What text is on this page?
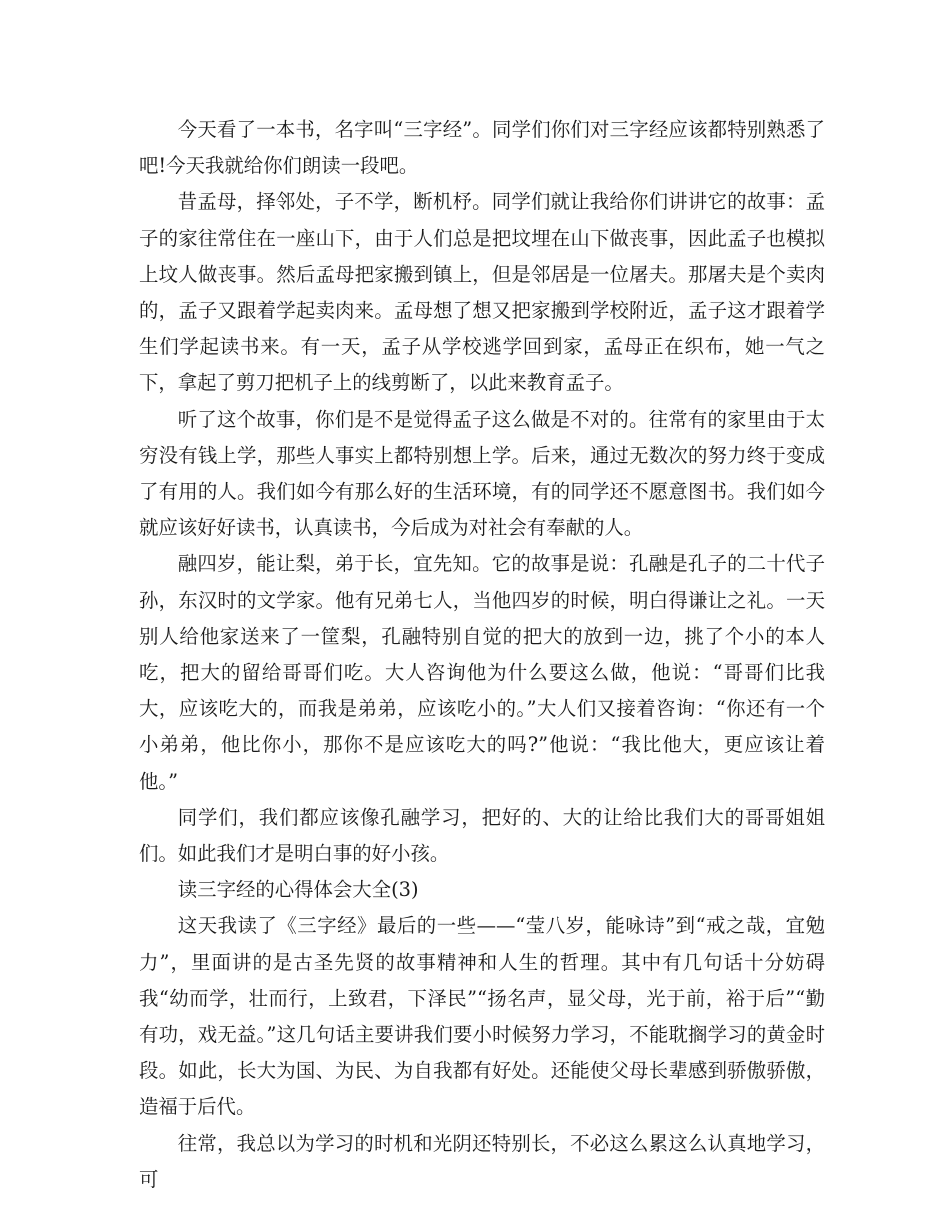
今天看了一本书，名字叫“三字经”。同学们你们对三字经应该都特别熟悉了吧!今天我就给你们朗读一段吧。

昔孟母，择邻处，子不学，断机杼。同学们就让我给你们讲讲它的故事：孟子的家往常住在一座山下，由于人们总是把坟埋在山下做丧事，因此孟子也模拟上坟人做丧事。然后孟母把家搬到镇上，但是邻居是一位屠夫。那屠夫是个卖肉的，孟子又跟着学起卖肉来。孟母想了想又把家搬到学校附近，孟子这才跟着学生们学起读书来。有一天，孟子从学校逃学回到家，孟母正在织布，她一气之下，拿起了剪刀把机子上的线剪断了，以此来教育孟子。

听了这个故事，你们是不是觉得孟子这么做是不对的。往常有的家里由于太穷没有钱上学，那些人事实上都特别想上学。后来，通过无数次的努力终于变成了有用的人。我们如今有那么好的生活环境，有的同学还不愿意图书。我们如今就应该好好读书，认真读书，今后成为对社会有奉献的人。

融四岁，能让梨，弟于长，宜先知。它的故事是说：孔融是孔子的二十代子孙，东汉时的文学家。他有兄弟七人，当他四岁的时候，明白得谦让之礼。一天别人给他家送来了一筐梨，孔融特别自觉的把大的放到一边，挑了个小的本人吃，把大的留给哥哥们吃。大人咨询他为什么要这么做，他说：“哥哥们比我大，应该吃大的，而我是弟弟，应该吃小的。”大人们又接着咨询：“你还有一个小弟弟，他比你小，那你不是应该吃大的吗?”他说：“我比他大，更应该让着他。”

同学们，我们都应该像孔融学习，把好的、大的让给比我们大的哥哥姐姐们。如此我们才是明白事的好小孩。

读三字经的心得体会大全(3)

这天我读了《三字经》最后的一些——“莹八岁，能咏诗”到“戒之哉，宜勉力”，里面讲的是古圣先贤的故事精神和人生的哲理。其中有几句话十分妨碍我“幼而学，壮而行，上致君，下泽民”“扬名声，显父母，光于前，裕于后”“勤有功，戏无益。”这几句话主要讲我们要小时候努力学习，不能耽搁学习的黄金时段。如此，长大为国、为民、为自我都有好处。还能使父母长辈感到骄傲骄傲，造福于后代。

往常，我总以为学习的时机和光阴还特别长，不必这么累这么认真地学习，可
